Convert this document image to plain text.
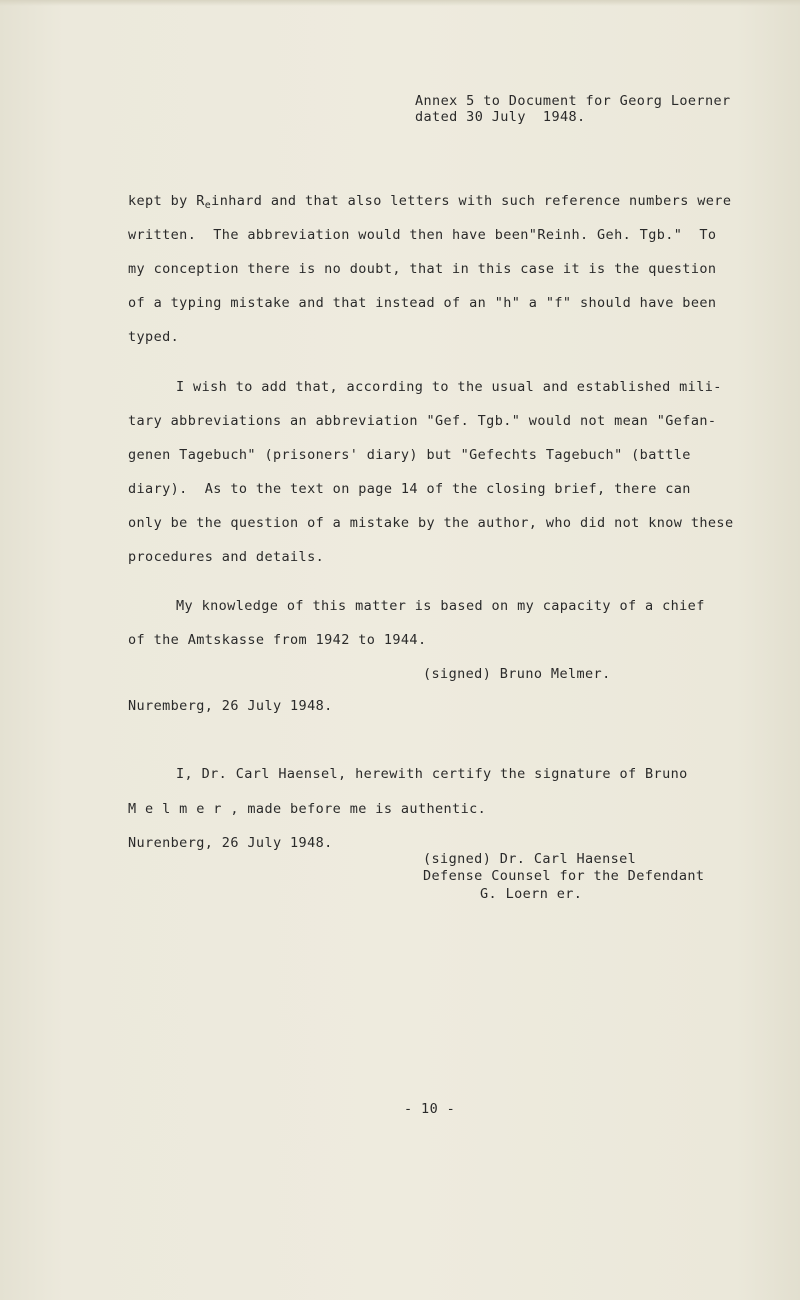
Annex 5 to Document for Georg Loerner
dated 30 July  1948.
kept by $R_einhard$ and that also letters with such reference numbers were
written.  The abbreviation would then have been"Reinh. Geh. Tgb."  To
my conception there is no doubt, that in this case it is the question
of a typing mistake and that instead of an "h" a "f" should have been
typed.
I wish to add that, according to the usual and established mili-
tary abbreviations an abbreviation "Gef. Tgb." would not mean "Gefan-
genen Tagebuch" (prisoners' diary) but "Gefechts Tagebuch" (battle
diary).  As to the text on page 14 of the closing brief, there can
only be the question of a mistake by the author, who did not know these
procedures and details.
My knowledge of this matter is based on my capacity of a chief
of the Amtskasse from 1942 to 1944.
(signed) Bruno Melmer.
Nuremberg, 26 July 1948.
I, Dr. Carl Haensel, herewith certify the signature of Bruno
M e l m e r , made before me is authentic.
Nurenberg, 26 July 1948.
(signed) Dr. Carl Haensel
Defense Counsel for the Defendant
G. Loern er.
- 10 -
